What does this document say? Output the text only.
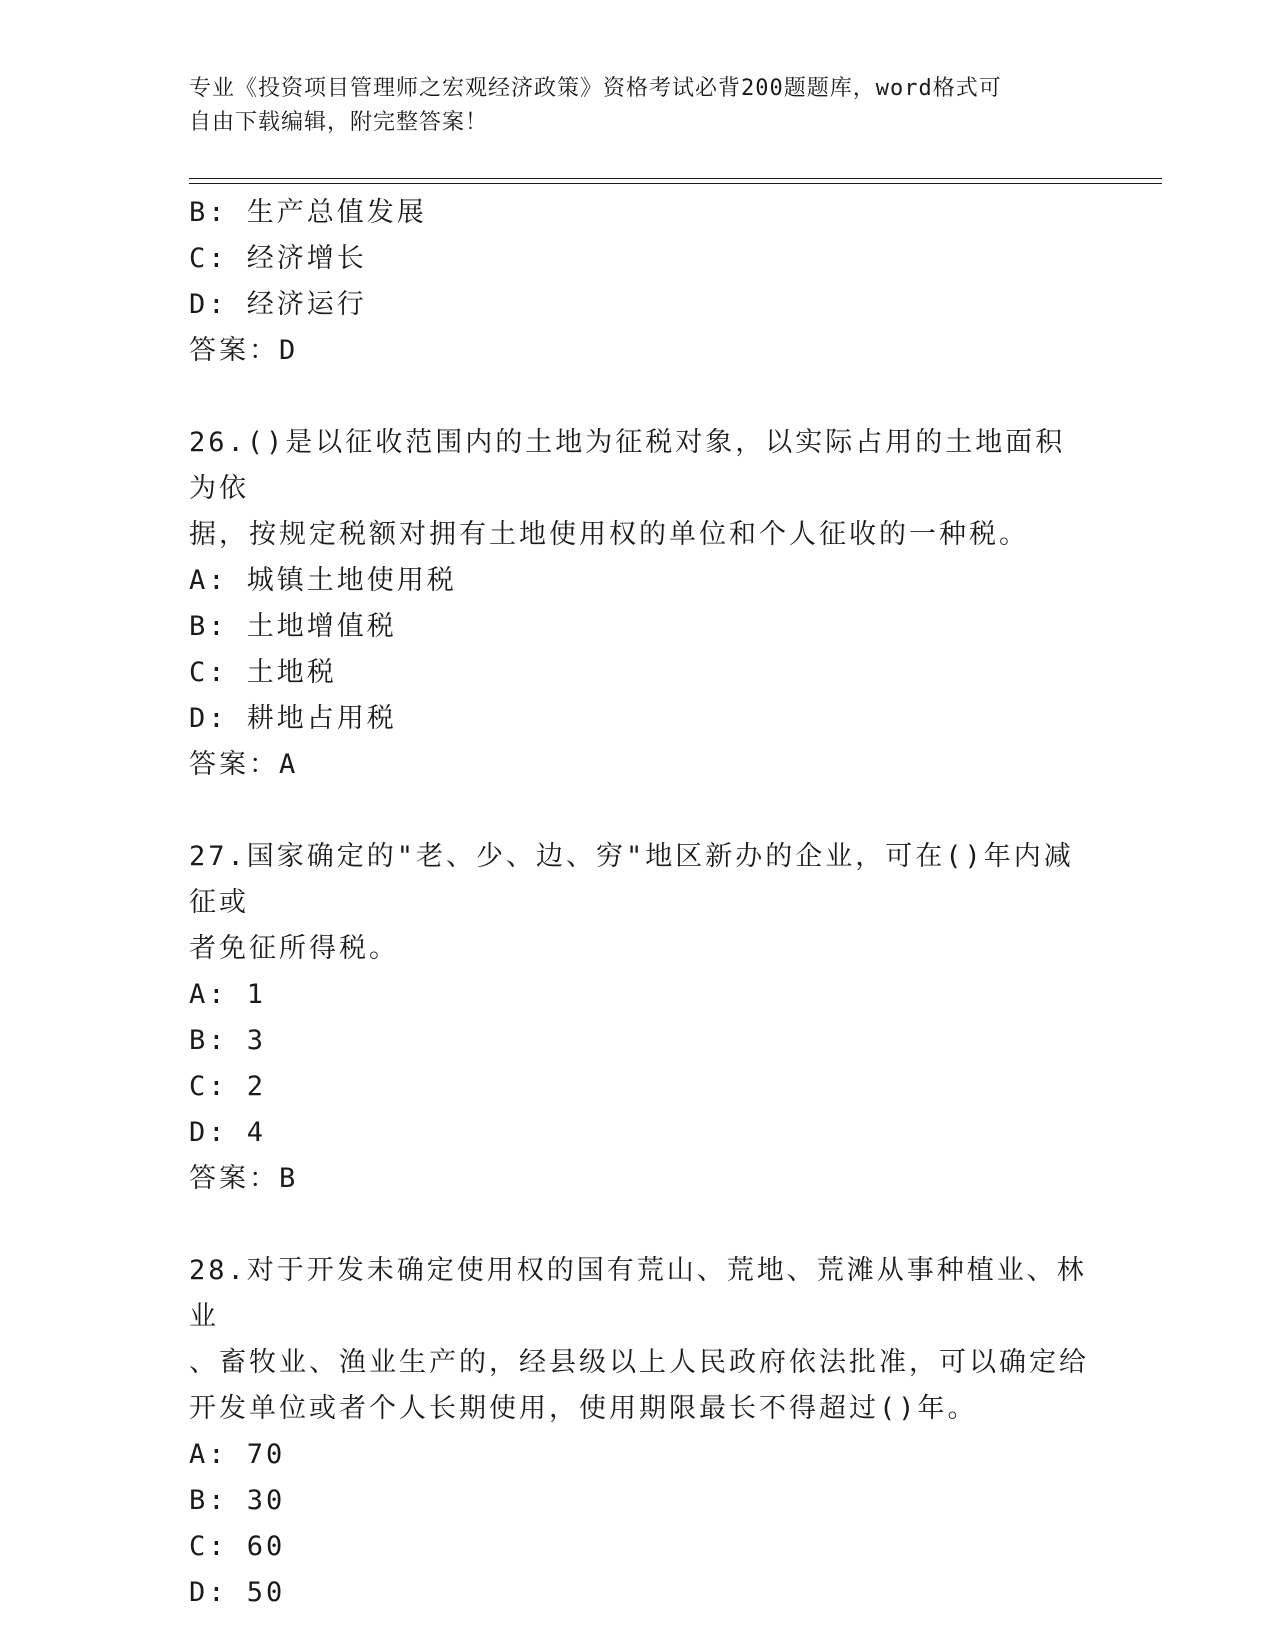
专业《投资项目管理师之宏观经济政策》资格考试必背200题题库，word格式可
自由下载编辑，附完整答案！
B: 生产总值发展
C: 经济增长
D: 经济运行
答案：D
26.()是以征收范围内的土地为征税对象，以实际占用的土地面积为依
据，按规定税额对拥有土地使用权的单位和个人征收的一种税。
A: 城镇土地使用税
B: 土地增值税
C: 土地税
D: 耕地占用税
答案：A
27.国家确定的"老、少、边、穷"地区新办的企业，可在()年内减征或
者免征所得税。
A: 1
B: 3
C: 2
D: 4
答案：B
28.对于开发未确定使用权的国有荒山、荒地、荒滩从事种植业、林业
、畜牧业、渔业生产的，经县级以上人民政府依法批准，可以确定给
开发单位或者个人长期使用，使用期限最长不得超过()年。
A: 70
B: 30
C: 60
D: 50
